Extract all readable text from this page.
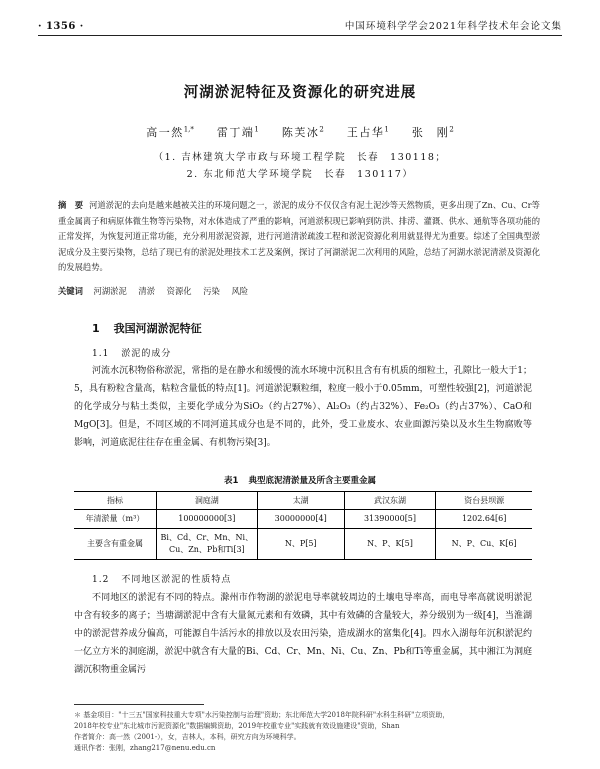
· 1356 ·	中国环境科学学会2021年科学技术年会论文集
河湖淤泥特征及资源化的研究进展
高一然$^{1,*}$ 雷丁端$^1$ 陈芙冰$^2$ 王占华$^1$ 张　刚$^2$
（1. 吉林建筑大学市政与环境工程学院　长春　130118；
2. 东北师范大学环境学院　长春　130117）
摘　要 河道淤泥的去向是越来越被关注的环境问题之一，淤泥的成分不仅仅含有泥土泥沙等天然物质，更多出现了Zn、Cu、Cr等重金属离子和病原体微生物等污染物，对水体造成了严重的影响，河道淤积现已影响到防洪、排涝、灌溉、供水、通航等各项功能的正常发挥，为恢复河道正常功能，充分利用淤泥资源，进行河道清淤疏浚工程和淤泥资源化利用就显得尤为重要。综述了全国典型淤泥成分及主要污染物，总结了现已有的淤泥处理技术工艺及案例，探讨了河湖淤泥二次利用的风险，总结了河湖水淤泥清淤及资源化的发展趋势。
关键词 河湖淤泥 清淤 资源化 污染 风险
1 我国河湖淤泥特征
1.1 淤泥的成分
河流水沉积物俗称淤泥，常指的是在静水和缓慢的流水环境中沉积且含有有机质的细粒土，孔隙比一般大于1；5，具有粉粒含量高，粘粒含量低的特点[1]。河道淤泥颗粒细，粒度一般小于0.05mm，可塑性较强[2]，河道淤泥的化学成分与粘土类似，主要化学成分为SiO₂（约占27%）、Al₂O₃（约占32%）、Fe₂O₃（约占37%）、CaO和MgO[3]。但是，不同区域的不同河道其成分也是不同的，此外，受工业废水、农业面源污染以及水生生物腐败等影响，河道底泥往往存在重金属、有机物污染[3]。
表1 典型底泥清淤量及所含主要重金属
指标	洞庭湖	太湖	武汉东湖	资台县坝源
年清淤量（m³）	100000000[3]	30000000[4]	31390000[5]	1202.64[6]
主要含有重金属	Bi、Cd、Cr、Mn、Ni、Cu、Zn、Pb和Ti[3]	N、P[5]	N、P、K[5]	N、P、Cu、K[6]
1.2 不同地区淤泥的性质特点
不同地区的淤泥有不同的特点。滁州市作物湖的淤泥电导率就较周边的土壤电导率高，而电导率高就说明淤泥中含有较多的离子；当塘湖淤泥中含有大量氮元素和有效磷，其中有效磷的含量较大，养分级别为一级[4]，当淮湖中的淤泥营养成分偏高，可能源自牛活污水的排放以及农田污染，造成湖水的富集化[4]。四水入湖每年沉积淤泥约一亿立方米的洞庭湖，淤泥中就含有大量的Bi、Cd、Cr、Mn、Ni、Cu、Zn、Pb和Ti等重金属，其中湘江为洞庭湖沉积物重金属污
＊ 基金项目："十三五"国家科技重大专项"水污染控制与治理"资助；东北师范大学2018年院科研"水科生科研"立项资助，
2018年校专业"东北城市污泥资源化"数据编辑资助，2019年校重专业"实践就有效设施建设"资助，Shan
作者简介：高一然（2001-），女，吉林人，本科，研究方向为环境科学。
通讯作者：张刚，zhang217@nenu.edu.cn
